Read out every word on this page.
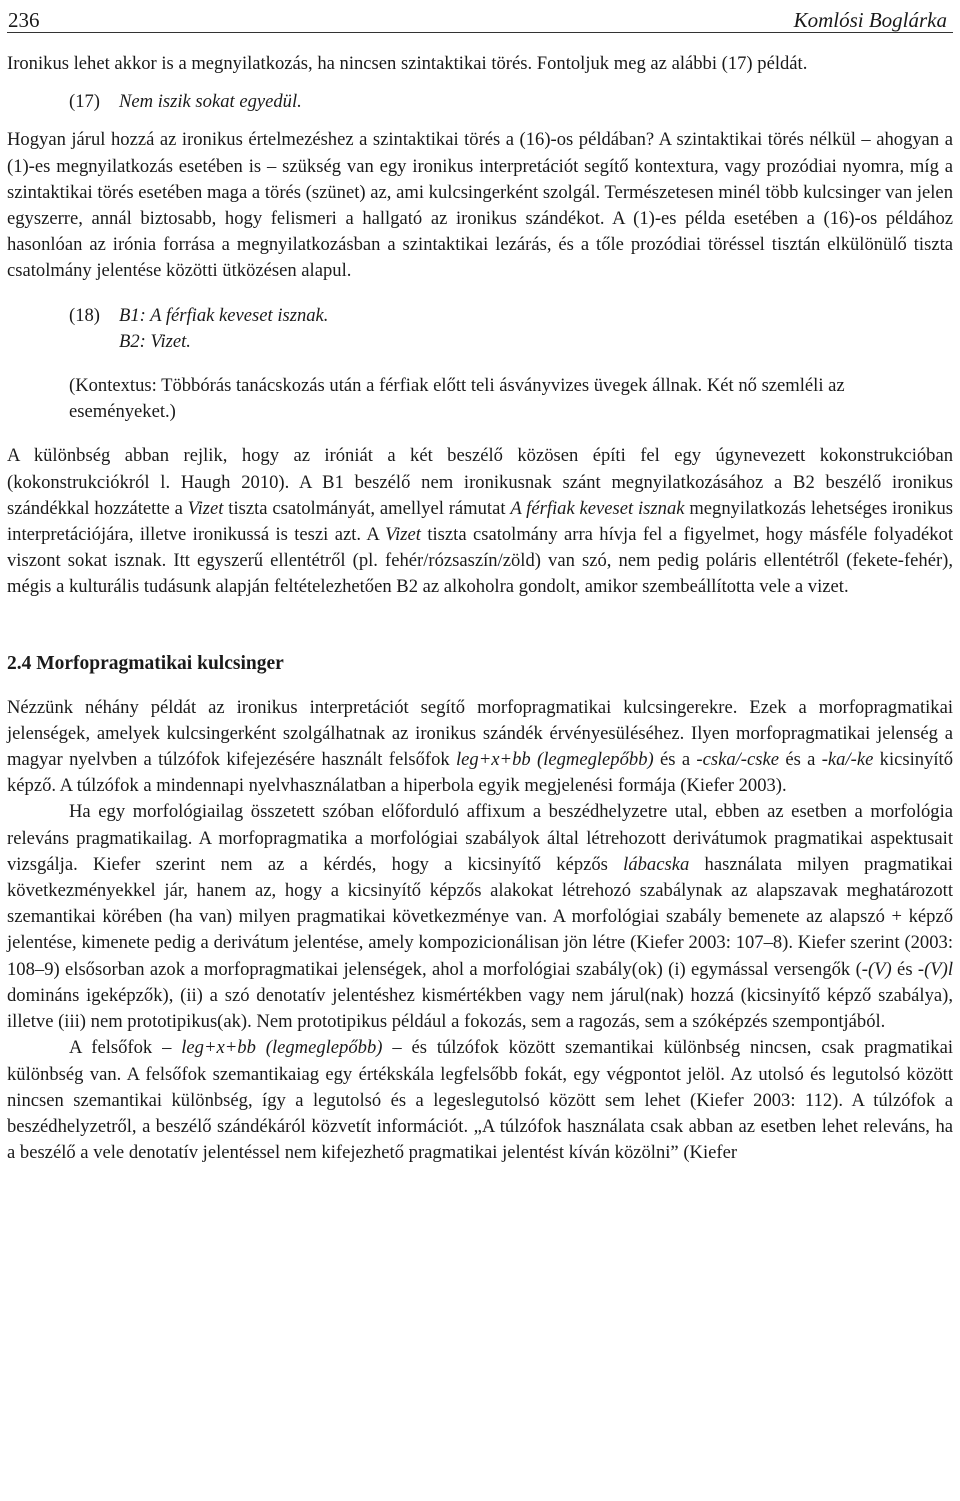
236	Komlósi Boglárka

Ironikus lehet akkor is a megnyilatkozás, ha nincsen szintaktikai törés. Fontoljuk meg az alábbi (17) példát.

(17)	Nem iszik sokat egyedül.

Hogyan járul hozzá az ironikus értelmezéshez a szintaktikai törés a (16)-os példában? A szintaktikai törés nélkül – ahogyan a (1)-es megnyilatkozás esetében is – szükség van egy ironikus interpretációt segítő kontextura, vagy prozódiai nyomra, míg a szintaktikai törés esetében maga a törés (szünet) az, ami kulcsingerként szolgál. Természetesen minél több kulcsinger van jelen egyszerre, annál biztosabb, hogy felismeri a hallgató az ironikus szándékot. A (1)-es példa esetében a (16)-os példához hasonlóan az irónia forrása a megnyilatkozásban a szintaktikai lezárás, és a tőle prozódiai töréssel tisztán elkülönülő tiszta csatolmány jelentése közötti ütközésen alapul.

(18)	B1: A férfiak keveset isznak.
B2: Vizet.
(Kontextus: Többórás tanácskozás után a férfiak előtt teli ásványvizes üvegek állnak. Két nő szemléli az eseményeket.)

A különbség abban rejlik, hogy az iróniát a két beszélő közösen építi fel egy úgynevezett kokonstrukcióban (kokonstrukciókról l. Haugh 2010). A B1 beszélő nem ironikusnak szánt megnyilatkozásához a B2 beszélő ironikus szándékkal hozzátette a Vizet tiszta csatolmányát, amellyel rámutat A férfiak keveset isznak megnyilatkozás lehetséges ironikus interpretációjára, illetve ironikussá is teszi azt. A Vizet tiszta csatolmány arra hívja fel a figyelmet, hogy másféle folyadékot viszont sokat isznak. Itt egyszerű ellentétről (pl. fehér/rózsaszín/zöld) van szó, nem pedig poláris ellentétről (fekete-fehér), mégis a kulturális tudásunk alapján feltételezhetően B2 az alkoholra gondolt, amikor szembeállította vele a vizet.

2.4 Morfopragmatikai kulcsinger

Nézzünk néhány példát az ironikus interpretációt segítő morfopragmatikai kulcsingerekre. Ezek a morfopragmatikai jelenségek, amelyek kulcsingerként szolgálhatnak az ironikus szándék érvényesüléséhez. Ilyen morfopragmatikai jelenség a magyar nyelvben a túlzófok kifejezésére használt felsőfok leg+x+bb (legmeglepőbb) és a -cska/-cske és a -ka/-ke kicsinyítő képző. A túlzófok a mindennapi nyelvhasználatban a hiperbola egyik megjelenési formája (Kiefer 2003).

Ha egy morfológiailag összetett szóban előforduló affixum a beszédhelyzetre utal, ebben az esetben a morfológia releváns pragmatikailag. A morfopragmatika a morfológiai szabályok által létrehozott derivátumok pragmatikai aspektusait vizsgálja. Kiefer szerint nem az a kérdés, hogy a kicsinyítő képzős lábacska használata milyen pragmatikai következményekkel jár, hanem az, hogy a kicsinyítő képzős alakokat létrehozó szabálynak az alapszavak meghatározott szemantikai körében (ha van) milyen pragmatikai következménye van. A morfológiai szabály bemenete az alapszó + képző jelentése, kimenete pedig a derivátum jelentése, amely kompozicionálisan jön létre (Kiefer 2003: 107–8). Kiefer szerint (2003: 108–9) elsősorban azok a morfopragmatikai jelenségek, ahol a morfológiai szabály(ok) (i) egymással versengők (-(V) és -(V)l domináns igeképzők), (ii) a szó denotatív jelentéshez kismértékben vagy nem járul(nak) hozzá (kicsinyítő képző szabálya), illetve (iii) nem prototipikus(ak). Nem prototipikus például a fokozás, sem a ragozás, sem a szóképzés szempontjából.

A felsőfok – leg+x+bb (legmeglepőbb) – és túlzófok között szemantikai különbség nincsen, csak pragmatikai különbség van. A felsőfok szemantikaiag egy értékskála legfelsőbb fokát, egy végpontot jelöl. Az utolsó és legutolsó között nincsen szemantikai különbség, így a legutolsó és a legeslegutolsó között sem lehet (Kiefer 2003: 112). A túlzófok a beszédhelyzetről, a beszélő szándékáról közvetít információt. „A túlzófok használata csak abban az esetben lehet releváns, ha a beszélő a vele denotatív jelentéssel nem kifejezhető pragmatikai jelentést kíván közölni” (Kiefer
